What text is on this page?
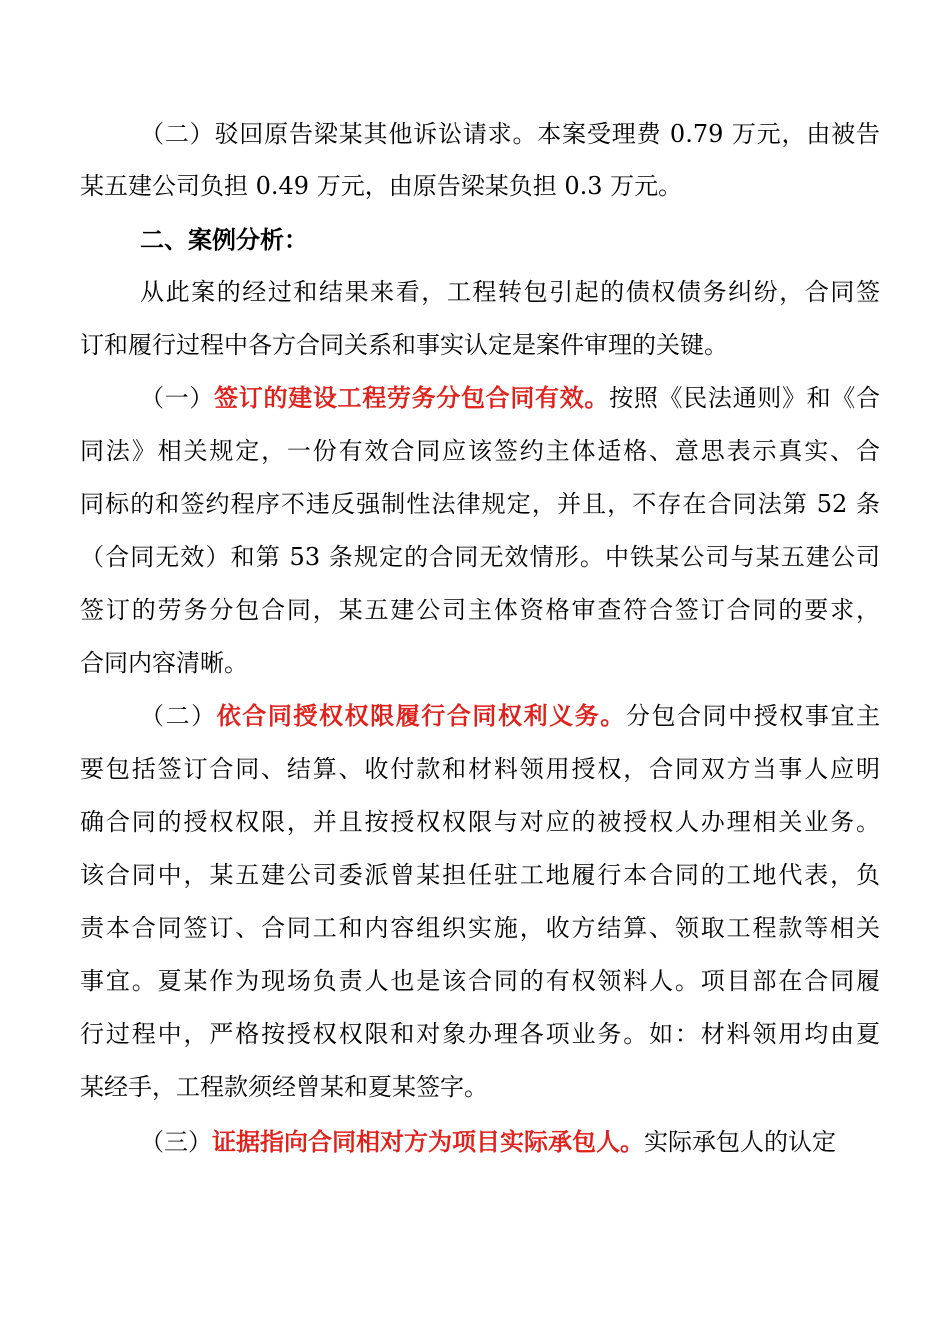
（二）驳回原告梁某其他诉讼请求。本案受理费 0.79 万元，由被告
某五建公司负担 0.49 万元，由原告梁某负担 0.3 万元。
二、案例分析：
从此案的经过和结果来看，工程转包引起的债权债务纠纷，合同签
订和履行过程中各方合同关系和事实认定是案件审理的关键。
（一）签订的建设工程劳务分包合同有效。按照《民法通则》和《合
同法》相关规定，一份有效合同应该签约主体适格、意思表示真实、合
同标的和签约程序不违反强制性法律规定，并且，不存在合同法第 52 条
（合同无效）和第 53 条规定的合同无效情形。中铁某公司与某五建公司
签订的劳务分包合同，某五建公司主体资格审查符合签订合同的要求，
合同内容清晰。
（二）依合同授权权限履行合同权利义务。分包合同中授权事宜主
要包括签订合同、结算、收付款和材料领用授权，合同双方当事人应明
确合同的授权权限，并且按授权权限与对应的被授权人办理相关业务。
该合同中，某五建公司委派曾某担任驻工地履行本合同的工地代表，负
责本合同签订、合同工和内容组织实施，收方结算、领取工程款等相关
事宜。夏某作为现场负责人也是该合同的有权领料人。项目部在合同履
行过程中，严格按授权权限和对象办理各项业务。如：材料领用均由夏
某经手，工程款须经曾某和夏某签字。
（三）证据指向合同相对方为项目实际承包人。实际承包人的认定
